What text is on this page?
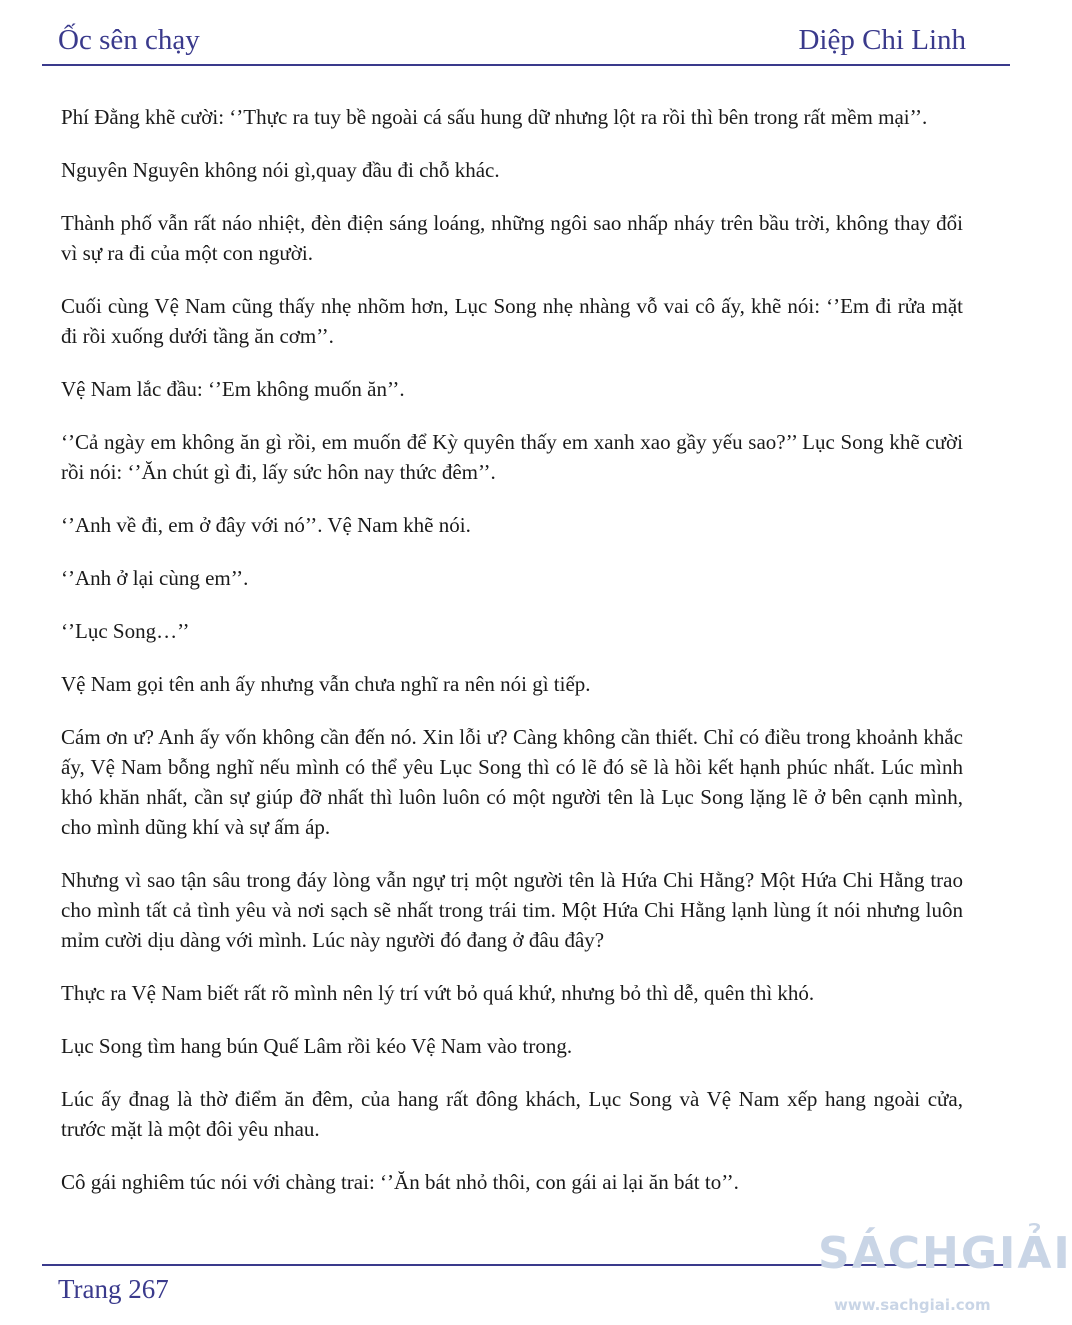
Ốc sên chạy	Diệp Chi Linh

Phí Đằng khẽ cười: ‘’Thực ra tuy bề ngoài cá sấu hung dữ nhưng lột ra rồi thì bên trong rất mềm mại’’.

Nguyên Nguyên không nói gì,quay đầu đi chỗ khác.

Thành phố vẫn rất náo nhiệt, đèn điện sáng loáng, những ngôi sao nhấp nháy trên bầu trời, không thay đổi vì sự ra đi của một con người.

Cuối cùng Vệ Nam cũng thấy nhẹ nhõm hơn, Lục Song nhẹ nhàng vỗ vai cô ấy, khẽ nói: ‘’Em đi rửa mặt đi rồi xuống dưới tầng ăn cơm’’.

Vệ Nam lắc đầu: ‘’Em không muốn ăn’’.

‘’Cả ngày em không ăn gì rồi, em muốn để Kỳ quyên thấy em xanh xao gầy yếu sao?’’ Lục Song khẽ cười rồi nói: ‘’Ăn chút gì đi, lấy sức hôn nay thức đêm’’.

‘’Anh về đi, em ở đây với nó’’. Vệ Nam khẽ nói.

‘’Anh ở lại cùng em’’.

‘’Lục Song…’’

Vệ Nam gọi tên anh ấy nhưng vẫn chưa nghĩ ra nên nói gì tiếp.

Cám ơn ư? Anh ấy vốn không cần đến nó. Xin lỗi ư? Càng không cần thiết. Chỉ có điều trong khoảnh khắc ấy, Vệ Nam bỗng nghĩ nếu mình có thể yêu Lục Song thì có lẽ đó sẽ là hồi kết hạnh phúc nhất. Lúc mình khó khăn nhất, cần sự giúp đỡ nhất thì luôn luôn có một người tên là Lục Song lặng lẽ ở bên cạnh mình, cho mình dũng khí và sự ấm áp.

Nhưng vì sao tận sâu trong đáy lòng vẫn ngự trị một người tên là Hứa Chi Hằng? Một Hứa Chi Hằng trao cho mình tất cả tình yêu và nơi sạch sẽ nhất trong trái tim. Một Hứa Chi Hằng lạnh lùng ít nói nhưng luôn mỉm cười dịu dàng với mình. Lúc này người đó đang ở đâu đây?

Thực ra Vệ Nam biết rất rõ mình nên lý trí vứt bỏ quá khứ, nhưng bỏ thì dễ, quên thì khó.

Lục Song tìm hang bún Quế Lâm rồi kéo Vệ Nam vào trong.

Lúc ấy đnag là thờ điểm ăn đêm, của hang rất đông khách, Lục Song và Vệ Nam xếp hang ngoài cửa, trước mặt là một đôi yêu nhau.

Cô gái nghiêm túc nói với chàng trai: ‘’Ăn bát nhỏ thôi, con gái ai lại ăn bát to’’.

Trang 267
SÁCHGIẢI
www.sachgiai.com
